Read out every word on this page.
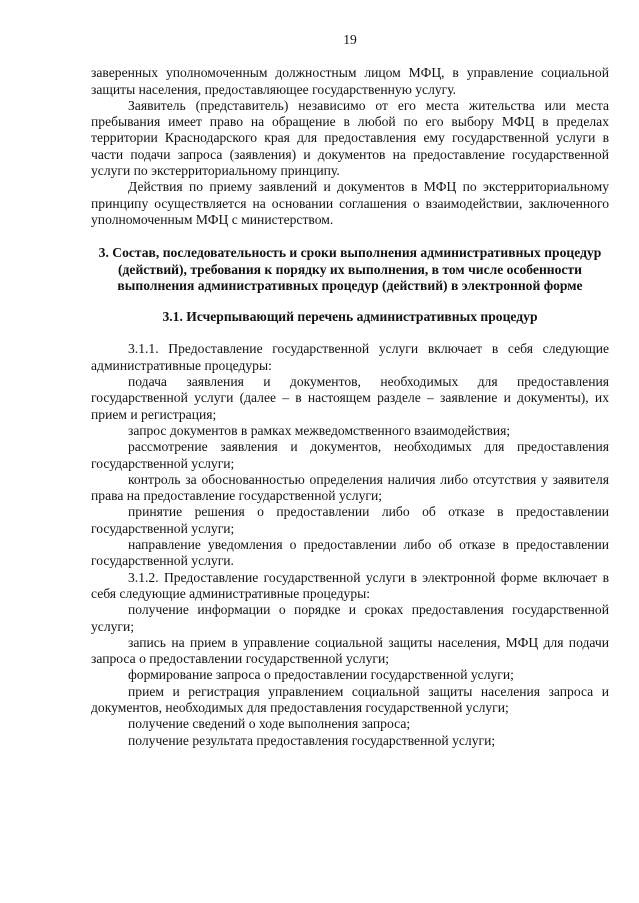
19

заверенных уполномоченным должностным лицом МФЦ, в управление социальной защиты населения, предоставляющее государственную услугу.

Заявитель (представитель) независимо от его места жительства или места пребывания имеет право на обращение в любой по его выбору МФЦ в пределах территории Краснодарского края для предоставления ему государственной услуги в части подачи запроса (заявления) и документов на предоставление государственной услуги по экстерриториальному принципу.

Действия по приему заявлений и документов в МФЦ по экстерриториальному принципу осуществляется на основании соглашения о взаимодействии, заключенного уполномоченным МФЦ с министерством.

3. Состав, последовательность и сроки выполнения административных процедур (действий), требования к порядку их выполнения, в том числе особенности выполнения административных процедур (действий) в электронной форме
3.1. Исчерпывающий перечень административных процедур

3.1.1. Предоставление государственной услуги включает в себя следующие административные процедуры:

подача заявления и документов, необходимых для предоставления государственной услуги (далее – в настоящем разделе – заявление и документы), их прием и регистрация;

запрос документов в рамках межведомственного взаимодействия;

рассмотрение заявления и документов, необходимых для предоставления государственной услуги;

контроль за обоснованностью определения наличия либо отсутствия у заявителя права на предоставление государственной услуги;

принятие решения о предоставлении либо об отказе в предоставлении государственной услуги;

направление уведомления о предоставлении либо об отказе в предоставлении государственной услуги.

3.1.2. Предоставление государственной услуги в электронной форме включает в себя следующие административные процедуры:

получение информации о порядке и сроках предоставления государственной услуги;

запись на прием в управление социальной защиты населения, МФЦ для подачи запроса о предоставлении государственной услуги;

формирование запроса о предоставлении государственной услуги;

прием и регистрация управлением социальной защиты населения запроса и документов, необходимых для предоставления государственной услуги;

получение сведений о ходе выполнения запроса;

получение результата предоставления государственной услуги;
